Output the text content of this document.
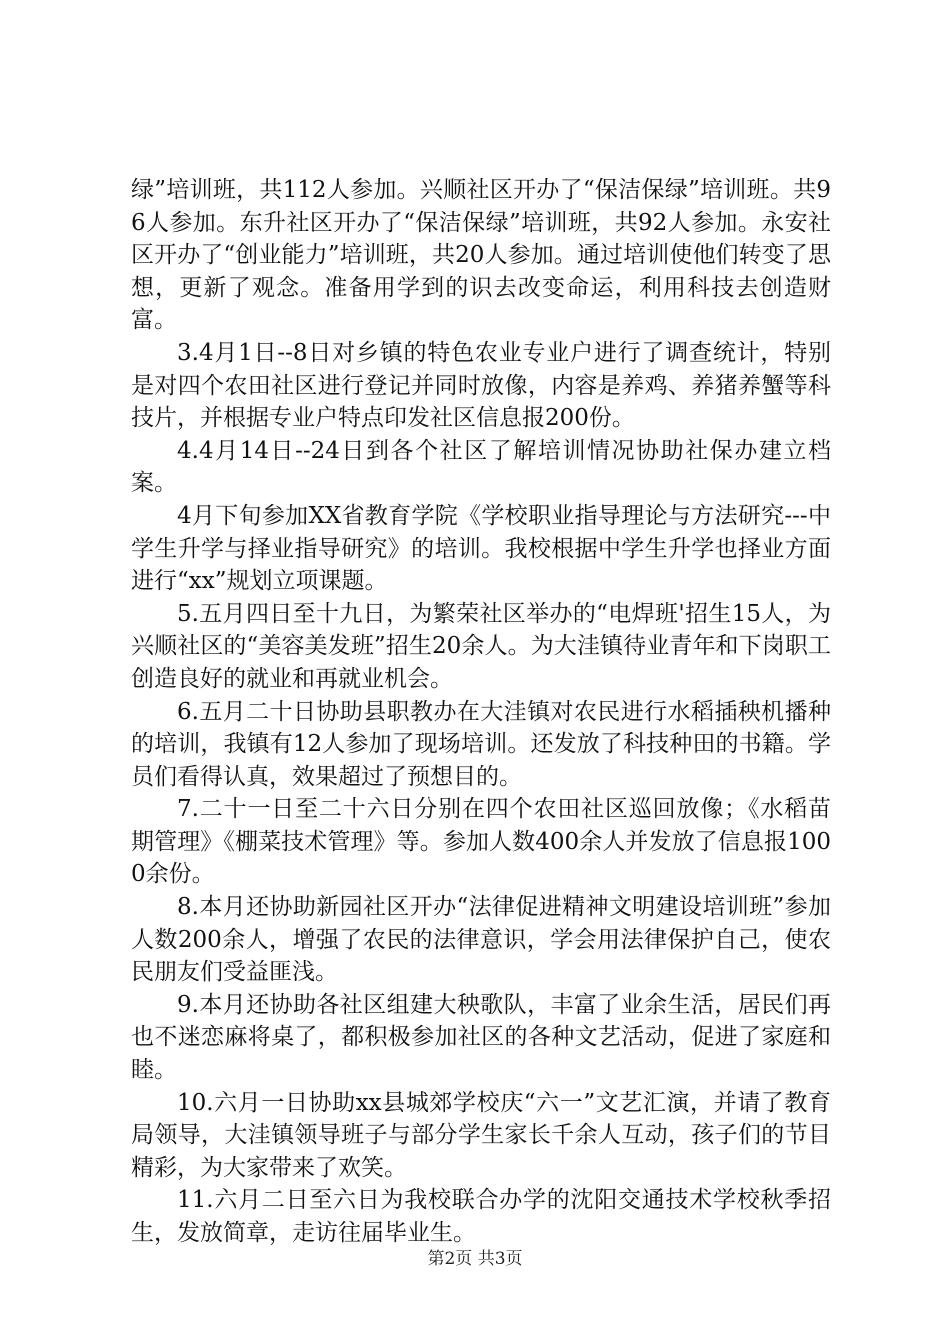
绿”培训班，共112人参加。兴顺社区开办了“保洁保绿”培训班。共96人参加。东升社区开办了“保洁保绿”培训班，共92人参加。永安社区开办了“创业能力”培训班，共20人参加。通过培训使他们转变了思想，更新了观念。准备用学到的识去改变命运，利用科技去创造财富。

3.4月1日--8日对乡镇的特色农业专业户进行了调查统计，特别是对四个农田社区进行登记并同时放像，内容是养鸡、养猪养蟹等科技片，并根据专业户特点印发社区信息报200份。

4.4月14日--24日到各个社区了解培训情况协助社保办建立档案。

4月下旬参加XX省教育学院《学校职业指导理论与方法研究---中学生升学与择业指导研究》的培训。我校根据中学生升学也择业方面进行“xx”规划立项课题。

5.五月四日至十九日，为繁荣社区举办的“电焊班'招生15人，为兴顺社区的“美容美发班”招生20余人。为大洼镇待业青年和下岗职工创造良好的就业和再就业机会。

6.五月二十日协助县职教办在大洼镇对农民进行水稻插秧机播种的培训，我镇有12人参加了现场培训。还发放了科技种田的书籍。学员们看得认真，效果超过了预想目的。

7.二十一日至二十六日分别在四个农田社区巡回放像；《水稻苗期管理》《棚菜技术管理》等。参加人数400余人并发放了信息报1000余份。

8.本月还协助新园社区开办“法律促进精神文明建设培训班”参加人数200余人，增强了农民的法律意识，学会用法律保护自己，使农民朋友们受益匪浅。

9.本月还协助各社区组建大秧歌队，丰富了业余生活，居民们再也不迷恋麻将桌了，都积极参加社区的各种文艺活动，促进了家庭和睦。

10.六月一日协助xx县城郊学校庆“六一”文艺汇演，并请了教育局领导，大洼镇领导班子与部分学生家长千余人互动，孩子们的节目精彩，为大家带来了欢笑。

11.六月二日至六日为我校联合办学的沈阳交通技术学校秋季招生，发放简章，走访往届毕业生。

第2页 共3页
